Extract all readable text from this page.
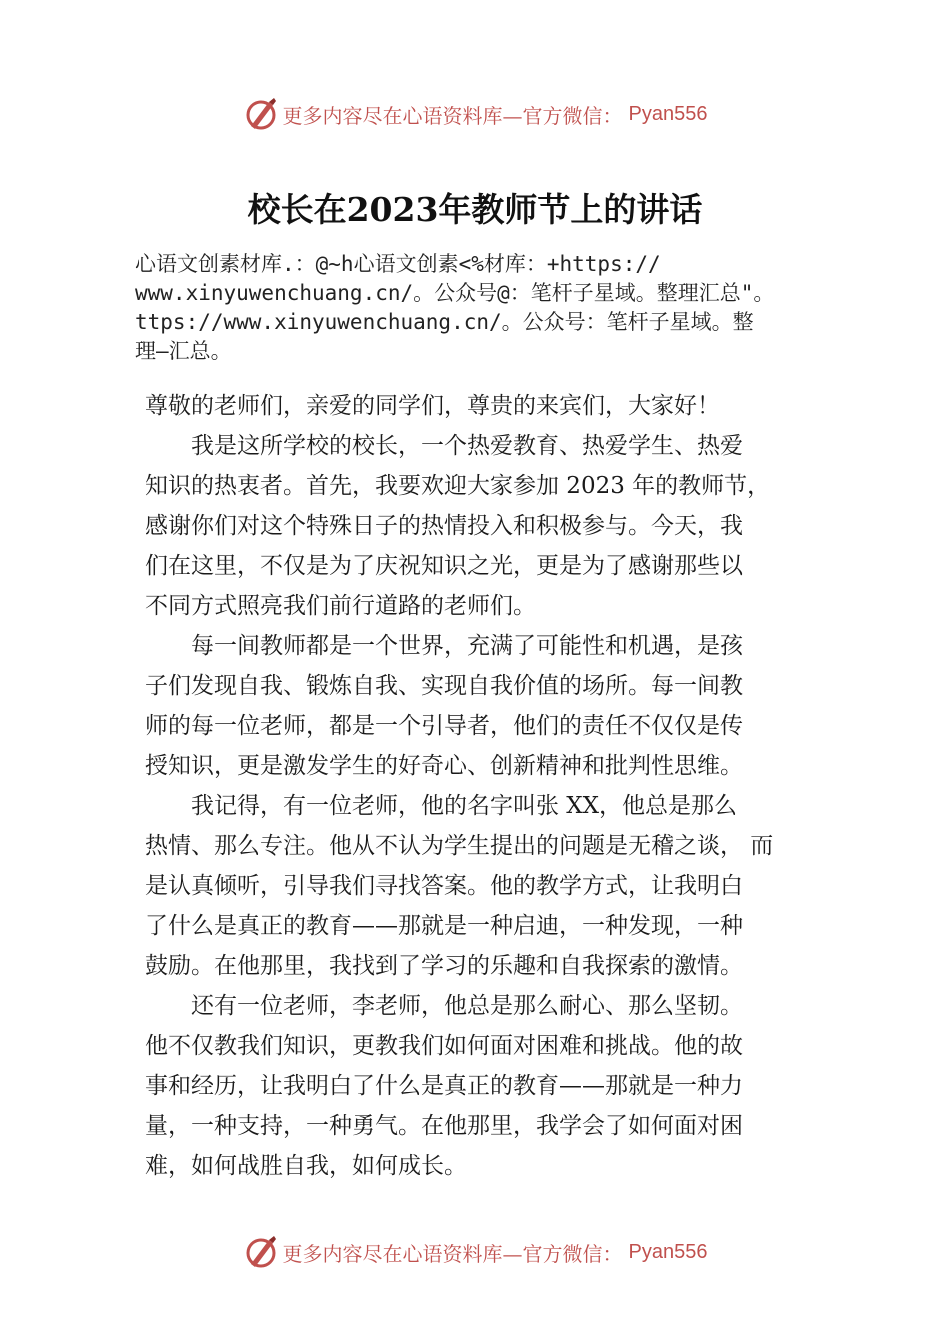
更多内容尽在心语资料库—官方微信： Pyan556
校长在2023年教师节上的讲话
心语文创素材库.：@~h心语文创素<%材库：+https://
www.xinyuwenchuang.cn/。公众号@：笔杆子星域。整理汇总"。
ttps://www.xinyuwenchuang.cn/。公众号：笔杆子星域。整
理—汇总。
尊敬的老师们，亲爱的同学们，尊贵的来宾们，大家好！
　　我是这所学校的校长，一个热爱教育、热爱学生、热爱
知识的热衷者。首先，我要欢迎大家参加 2023 年的教师节，
感谢你们对这个特殊日子的热情投入和积极参与。今天，我
们在这里，不仅是为了庆祝知识之光，更是为了感谢那些以
不同方式照亮我们前行道路的老师们。
　　每一间教师都是一个世界，充满了可能性和机遇，是孩
子们发现自我、锻炼自我、实现自我价值的场所。每一间教
师的每一位老师，都是一个引导者，他们的责任不仅仅是传
授知识，更是激发学生的好奇心、创新精神和批判性思维。
　　我记得，有一位老师，他的名字叫张 XX，他总是那么
热情、那么专注。他从不认为学生提出的问题是无稽之谈， 而
是认真倾听，引导我们寻找答案。他的教学方式，让我明白
了什么是真正的教育——那就是一种启迪，一种发现，一种
鼓励。在他那里，我找到了学习的乐趣和自我探索的激情。
　　还有一位老师，李老师，他总是那么耐心、那么坚韧。
他不仅教我们知识，更教我们如何面对困难和挑战。他的故
事和经历，让我明白了什么是真正的教育——那就是一种力
量，一种支持，一种勇气。在他那里，我学会了如何面对困
难，如何战胜自我，如何成长。
更多内容尽在心语资料库—官方微信： Pyan556
